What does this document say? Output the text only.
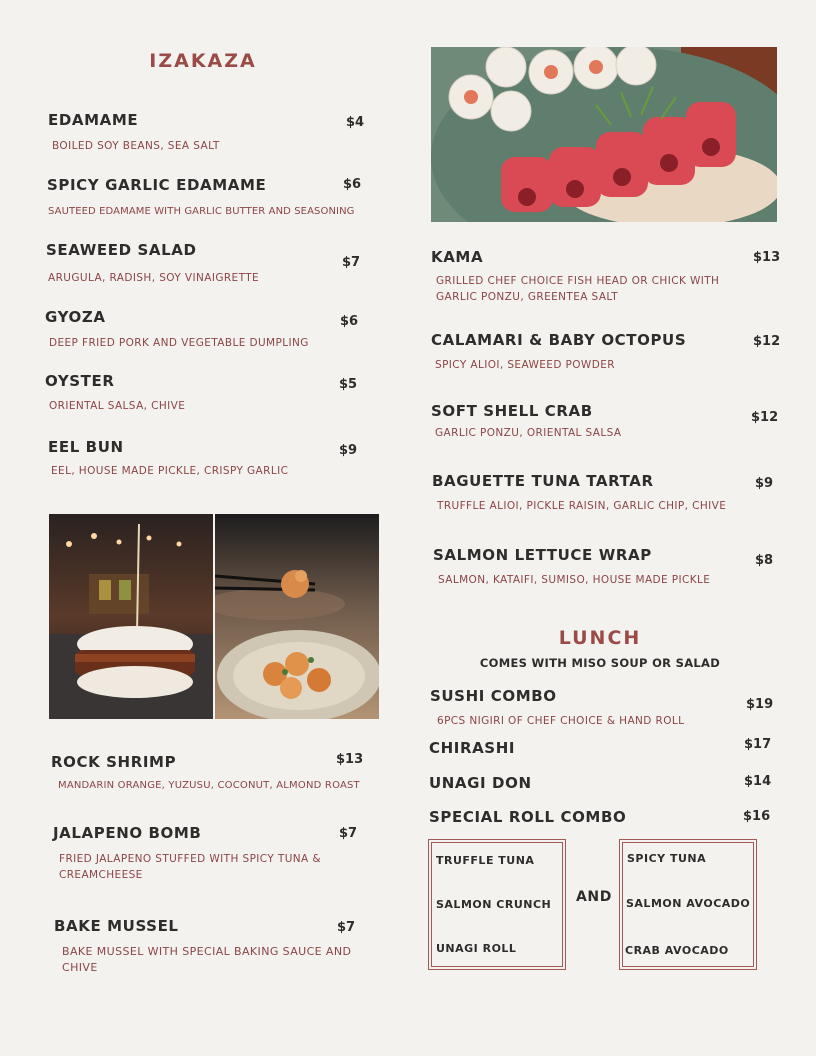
IZAKAZA
EDAMAME
BOILED SOY BEANS, SEA SALT
$4
SPICY GARLIC EDAMAME
SAUTEED EDAMAME WITH GARLIC BUTTER AND SEASONING
$6
SEAWEED SALAD
ARUGULA, RADISH, SOY VINAIGRETTE
$7
GYOZA
DEEP FRIED PORK AND VEGETABLE DUMPLING
$6
OYSTER
ORIENTAL SALSA, CHIVE
$5
EEL BUN
EEL, HOUSE MADE PICKLE, CRISPY GARLIC
$9
ROCK SHRIMP
MANDARIN ORANGE, YUZUSU, COCONUT, ALMOND ROAST
$13
JALAPENO BOMB
FRIED JALAPENO STUFFED WITH SPICY TUNA & CREAMCHEESE
$7
BAKE MUSSEL
BAKE MUSSEL WITH SPECIAL BAKING SAUCE AND CHIVE
$7
KAMA
GRILLED CHEF CHOICE FISH HEAD OR CHICK WITH GARLIC PONZU, GREENTEA SALT
$13
CALAMARI & BABY OCTOPUS
SPICY ALIOI, SEAWEED POWDER
$12
SOFT SHELL CRAB
GARLIC PONZU, ORIENTAL SALSA
$12
BAGUETTE TUNA TARTAR
TRUFFLE ALIOI, PICKLE RAISIN, GARLIC CHIP, CHIVE
$9
SALMON LETTUCE WRAP
SALMON, KATAIFI, SUMISO, HOUSE MADE PICKLE
$8
LUNCH
COMES WITH MISO SOUP OR SALAD
SUSHI COMBO
6PCS NIGIRI OF CHEF CHOICE & HAND ROLL
$19
CHIRASHI	$17
UNAGI DON	$14
SPECIAL ROLL COMBO	$16
TRUFFLE TUNA
SALMON CRUNCH
UNAGI ROLL
AND
SPICY TUNA
SALMON AVOCADO
CRAB AVOCADO
